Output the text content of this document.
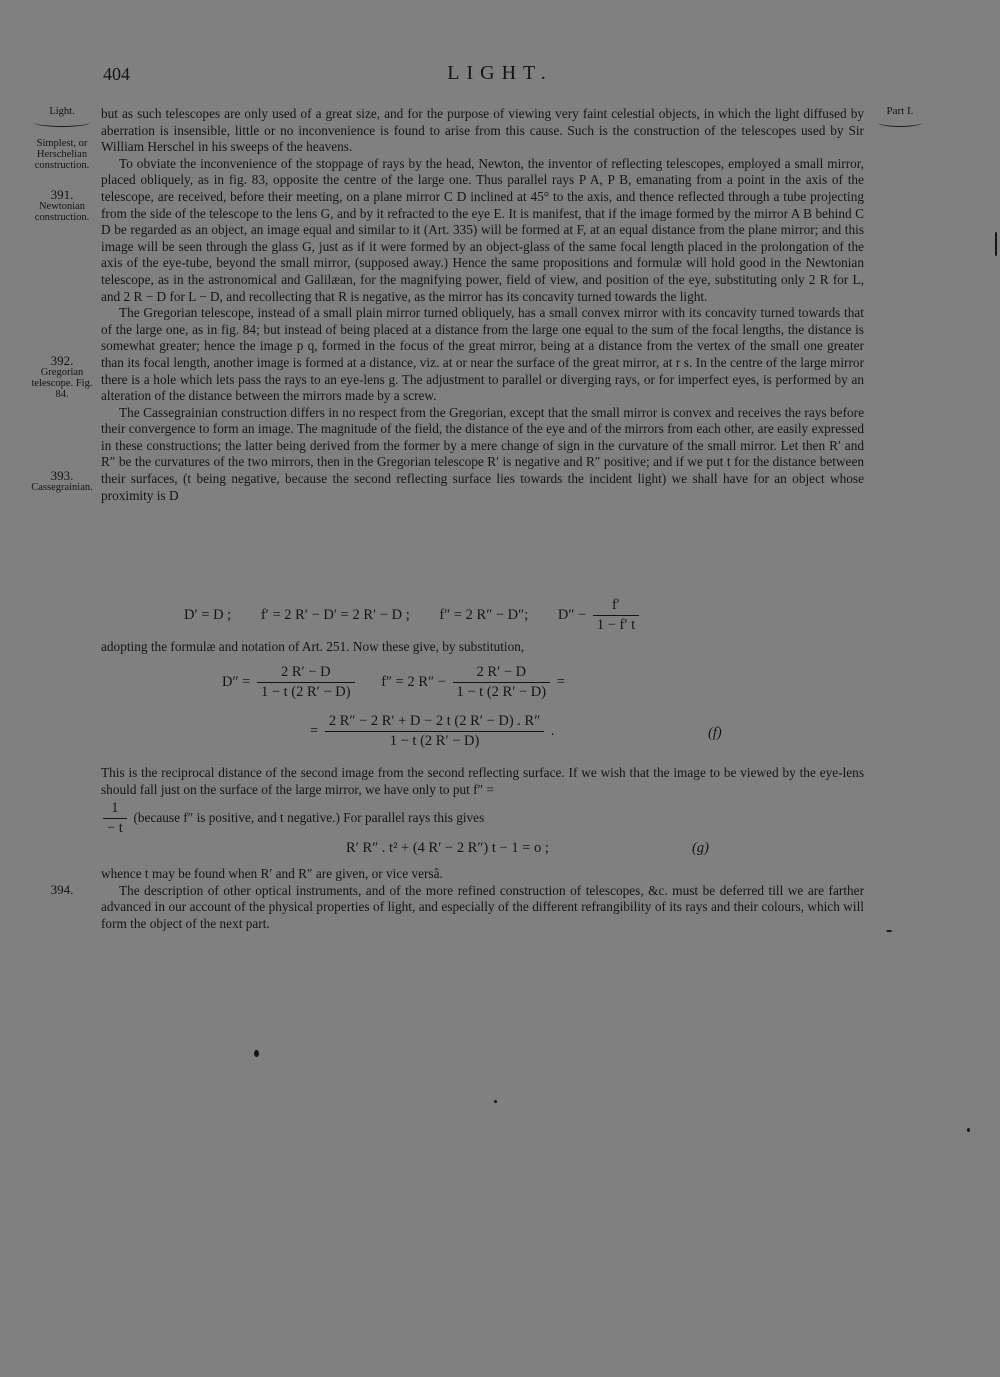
404	LIGHT.
Light.
Simplest, or Herschelian construction.
391.
Newtonian construction.
392.
Gregorian telescope. Fig. 84.
393.
Cassegrainian.
394.
Part I.

but as such telescopes are only used of a great size, and for the purpose of viewing very faint celestial objects, in which the light diffused by aberration is insensible, little or no inconvenience is found to arise from this cause. Such is the construction of the telescopes used by Sir William Herschel in his sweeps of the heavens.

To obviate the inconvenience of the stoppage of rays by the head, Newton, the inventor of reflecting telescopes, employed a small mirror, placed obliquely, as in fig. 83, opposite the centre of the large one. Thus parallel rays P A, P B, emanating from a point in the axis of the telescope, are received, before their meeting, on a plane mirror C D inclined at 45° to the axis, and thence reflected through a tube projecting from the side of the telescope to the lens G, and by it refracted to the eye E. It is manifest, that if the image formed by the mirror A B behind C D be regarded as an object, an image equal and similar to it (Art. 335) will be formed at F, at an equal distance from the plane mirror; and this image will be seen through the glass G, just as if it were formed by an object-glass of the same focal length placed in the prolongation of the axis of the eye-tube, beyond the small mirror, (supposed away.) Hence the same propositions and formulæ will hold good in the Newtonian telescope, as in the astronomical and Galilæan, for the magnifying power, field of view, and position of the eye, substituting only 2 R for L, and 2 R − D for L − D, and recollecting that R is negative, as the mirror has its concavity turned towards the light.

The Gregorian telescope, instead of a small plain mirror turned obliquely, has a small convex mirror with its concavity turned towards that of the large one, as in fig. 84; but instead of being placed at a distance from the large one equal to the sum of the focal lengths, the distance is somewhat greater; hence the image p q, formed in the focus of the great mirror, being at a distance from the vertex of the small one greater than its focal length, another image is formed at a distance, viz. at or near the surface of the great mirror, at r s. In the centre of the large mirror there is a hole which lets pass the rays to an eye-lens g. The adjustment to parallel or diverging rays, or for imperfect eyes, is performed by an alteration of the distance between the mirrors made by a screw.

The Cassegrainian construction differs in no respect from the Gregorian, except that the small mirror is convex and receives the rays before their convergence to form an image. The magnitude of the field, the distance of the eye and of the mirrors from each other, are easily expressed in these constructions; the latter being derived from the former by a mere change of sign in the curvature of the small mirror. Let then R′ and R″ be the curvatures of the two mirrors, then in the Gregorian telescope R′ is negative and R″ positive; and if we put t for the distance between their surfaces, (t being negative, because the second reflecting surface lies towards the incident light) we shall have for an object whose proximity is D

D′ = D ; f′ = 2 R′ − D′ = 2 R′ − D ; f″ = 2 R″ − D″; $D'' - \frac{f'}{1 - f' t}$

adopting the formulæ and notation of Art. 251. Now these give, by substitution,

$D'' = \frac{2 R' - D}{1 - t (2 R' - D)} f'' = 2$ $R'' - \frac{2 R' - D}{1 - t (2 R' - D)}$ =
= $\frac{2 R'' - 2 R' + D - 2 t (2 R' - D) . R''}{1 - t (2 R' - D)}$ .	(f)

This is the reciprocal distance of the second image from the second reflecting surface. If we wish that the image to be viewed by the eye-lens should fall just on the surface of the large mirror, we have only to put f″ =

$\frac{1}{- t}$ (because f″ is positive, and t negative.) For parallel rays this gives
R′ R″ . t² + (4 R′ − 2 R″) t − 1 = o ;	(g)

whence t may be found when R′ and R″ are given, or vice versâ.

The description of other optical instruments, and of the more refined construction of telescopes, &c. must be deferred till we are farther advanced in our account of the physical properties of light, and especially of the different refrangibility of its rays and their colours, which will form the object of the next part.
